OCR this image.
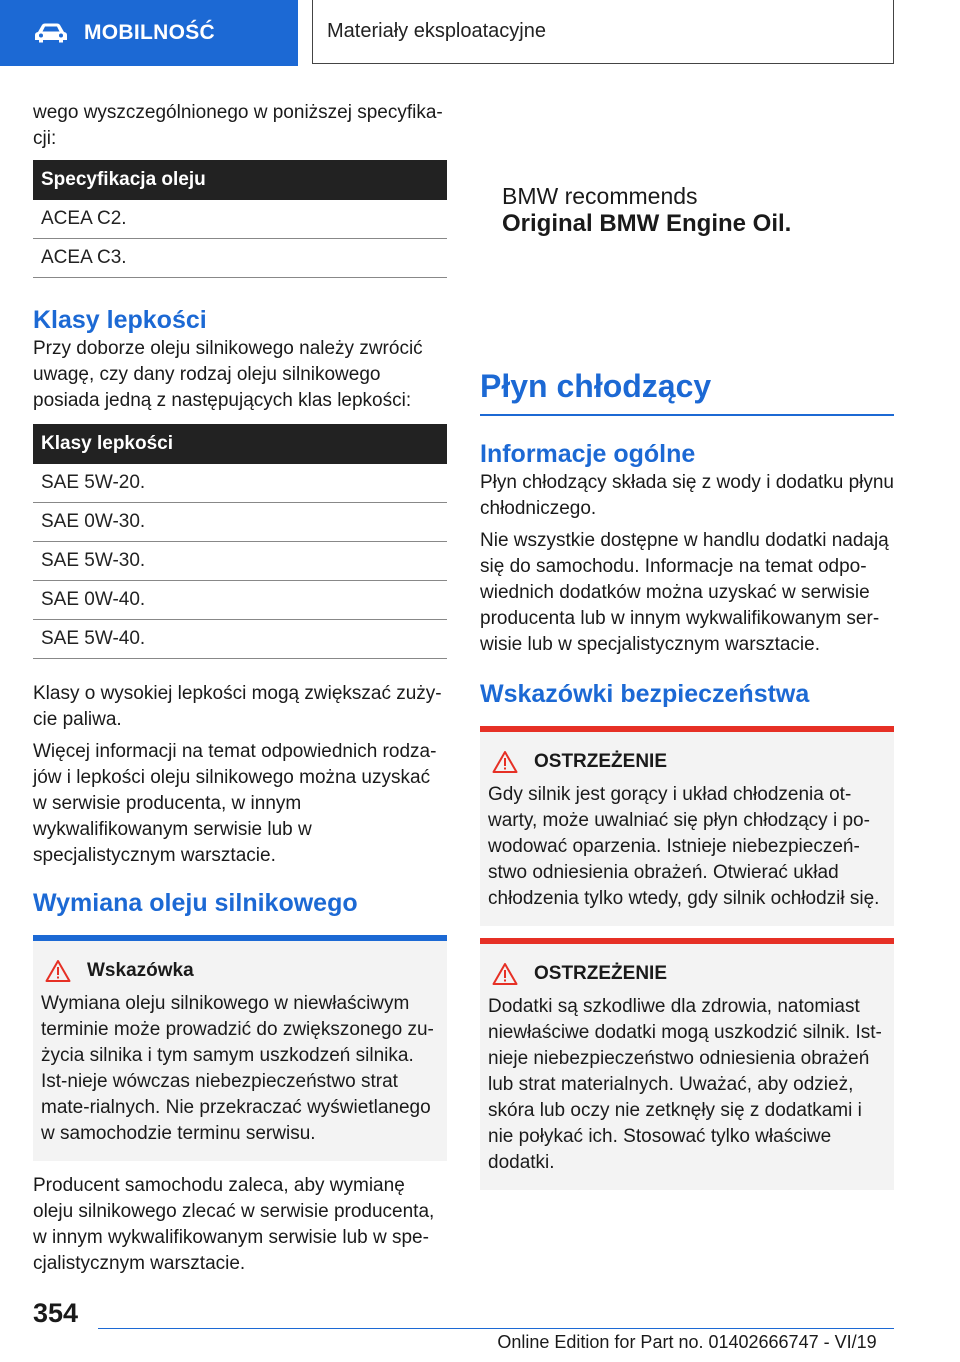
MOBILNOŚĆ	Materiały eksploatacyjne

wego wyszczególnionego w poniższej specyfika-cji:

Specyfikacja oleju
ACEA C2.
ACEA C3.
Klasy lepkości

Przy doborze oleju silnikowego należy zwrócić uwagę, czy dany rodzaj oleju silnikowego posiada jedną z następujących klas lepkości:

Klasy lepkości
SAE 5W-20.
SAE 0W-30.
SAE 5W-30.
SAE 0W-40.
SAE 5W-40.

Klasy o wysokiej lepkości mogą zwiększać zuży-cie paliwa.

Więcej informacji na temat odpowiednich rodza-jów i lepkości oleju silnikowego można uzyskać w serwisie producenta, w innym wykwalifikowanym serwisie lub w specjalistycznym warsztacie.

Wymiana oleju silnikowego
Wskazówka

Wymiana oleju silnikowego w niewłaściwym terminie może prowadzić do zwiększonego zu-życia silnika i tym samym uszkodzeń silnika. Ist-nieje wówczas niebezpieczeństwo strat mate-rialnych. Nie przekraczać wyświetlanego w samochodzie terminu serwisu.

Producent samochodu zaleca, aby wymianę oleju silnikowego zlecać w serwisie producenta, w innym wykwalifikowanym serwisie lub w spe-cjalistycznym warsztacie.

BMW recommends
Original BMW Engine Oil.
Płyn chłodzący
Informacje ogólne

Płyn chłodzący składa się z wody i dodatku płynu chłodniczego.

Nie wszystkie dostępne w handlu dodatki nadają się do samochodu. Informacje na temat odpo-wiednich dodatków można uzyskać w serwisie producenta lub w innym wykwalifikowanym ser-wisie lub w specjalistycznym warsztacie.

Wskazówki bezpieczeństwa
OSTRZEŻENIE

Gdy silnik jest gorący i układ chłodzenia ot-warty, może uwalniać się płyn chłodzący i po-wodować oparzenia. Istnieje niebezpieczeń-stwo odniesienia obrażeń. Otwierać układ chłodzenia tylko wtedy, gdy silnik ochłodził się.

OSTRZEŻENIE

Dodatki są szkodliwe dla zdrowia, natomiast niewłaściwe dodatki mogą uszkodzić silnik. Ist-nieje niebezpieczeństwo odniesienia obrażeń lub strat materialnych. Uważać, aby odzież, skóra lub oczy nie zetknęły się z dodatkami i nie połykać ich. Stosować tylko właściwe dodatki.

354
Online Edition for Part no. 01402666747 - VI/19
